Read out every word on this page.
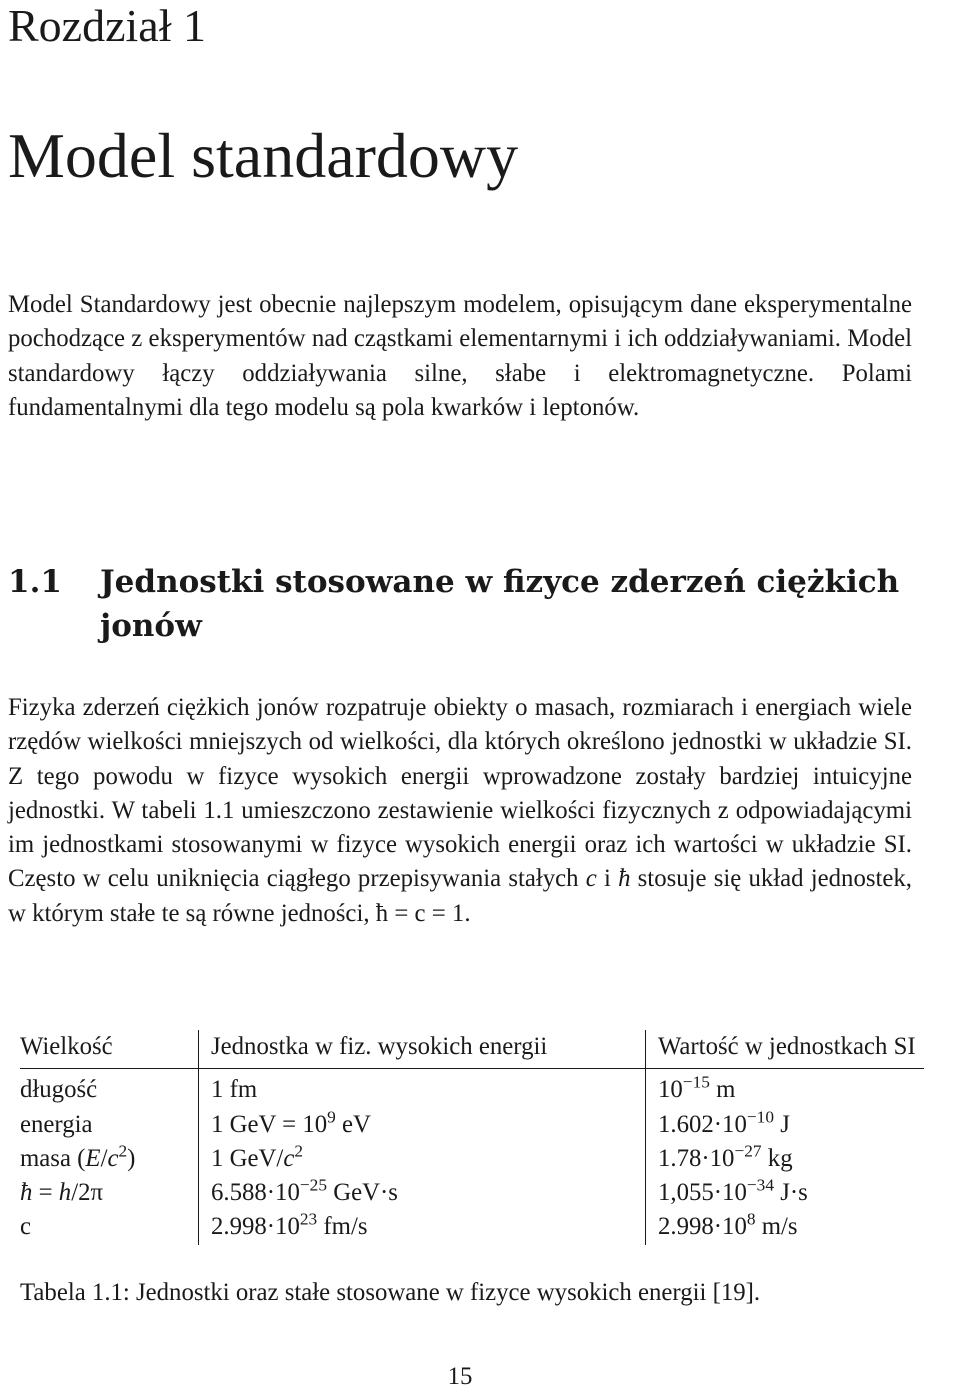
Rozdział 1
Model standardowy

Model Standardowy jest obecnie najlepszym modelem, opisującym dane eksperymentalne pochodzące z eksperymentów nad cząstkami elementarnymi i ich oddziaływaniami. Model standardowy łączy oddziaływania silne, słabe i elektromagnetyczne. Polami fundamentalnymi dla tego modelu są pola kwarków i leptonów.

1.1	Jednostki stosowane w fizyce zderzeń ciężkich jonów

Fizyka zderzeń ciężkich jonów rozpatruje obiekty o masach, rozmiarach i energiach wiele rzędów wielkości mniejszych od wielkości, dla których określono jednostki w układzie SI. Z tego powodu w fizyce wysokich energii wprowadzone zostały bardziej intuicyjne jednostki. W tabeli 1.1 umieszczono zestawienie wielkości fizycznych z odpowiadającymi im jednostkami stosowanymi w fizyce wysokich energii oraz ich wartości w układzie SI. Często w celu uniknięcia ciągłego przepisywania stałych c i ħ stosuje się układ jednostek, w którym stałe te są równe jedności, ħ = c = 1.

Wielkość	Jednostka w fiz. wysokich energii	Wartość w jednostkach SI
długość	1 fm	$10^{-15}$ m
energia	1 GeV = $10^9$ eV	$1.602\cdot 10^{-10}$ J
masa $(E/c^2)$	1 GeV/$c^2$	$1.78\cdot 10^{-27}$ kg
ħ = h/2π	$6.588\cdot 10^{-25}$ GeV·s	$1,055\cdot 10^{-34}$ J·s
c	$2.998\cdot 10^{23}$ fm/s	$2.998\cdot 10^8$ m/s

Tabela 1.1: Jednostki oraz stałe stosowane w fizyce wysokich energii [19].

15
